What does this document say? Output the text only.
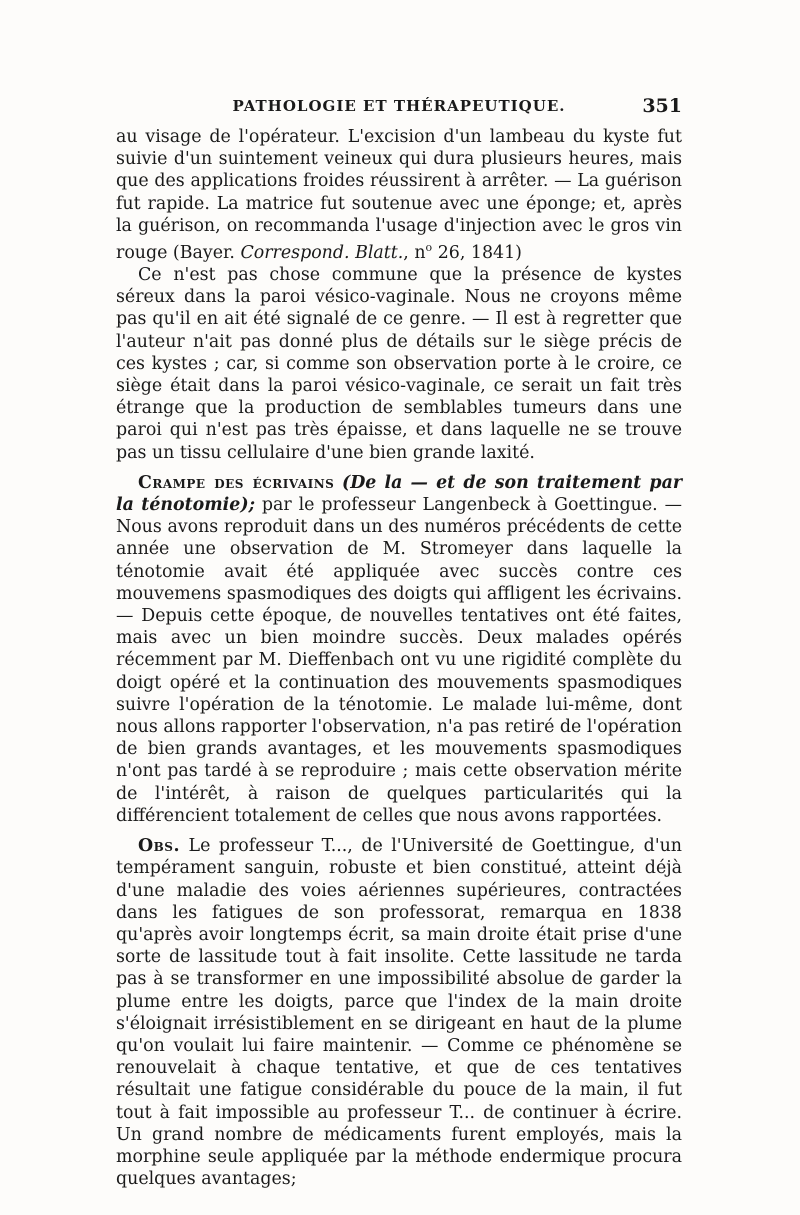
PATHOLOGIE ET THÉRAPEUTIQUE.	351

au visage de l'opérateur. L'excision d'un lambeau du kyste fut suivie d'un suintement veineux qui dura plusieurs heures, mais que des applications froides réussirent à arrêter. — La guérison fut rapide. La matrice fut soutenue avec une éponge; et, après la guérison, on recommanda l'usage d'injection avec le gros vin rouge (Bayer. Correspond. Blatt., $n^o$ 26, 1841)

Ce n'est pas chose commune que la présence de kystes séreux dans la paroi vésico-vaginale. Nous ne croyons même pas qu'il en ait été signalé de ce genre. — Il est à regretter que l'auteur n'ait pas donné plus de détails sur le siège précis de ces kystes ; car, si comme son observation porte à le croire, ce siège était dans la paroi vésico-vaginale, ce serait un fait très étrange que la production de semblables tumeurs dans une paroi qui n'est pas très épaisse, et dans laquelle ne se trouve pas un tissu cellulaire d'une bien grande laxité.

Crampe des écrivains (De la — et de son traitement par la ténotomie); par le professeur Langenbeck à Goettingue. — Nous avons reproduit dans un des numéros précédents de cette année une observation de M. Stromeyer dans laquelle la ténotomie avait été appliquée avec succès contre ces mouvemens spasmodiques des doigts qui affligent les écrivains. — Depuis cette époque, de nouvelles tentatives ont été faites, mais avec un bien moindre succès. Deux malades opérés récemment par M. Dieffenbach ont vu une rigidité complète du doigt opéré et la continuation des mouvements spasmodiques suivre l'opération de la ténotomie. Le malade lui-même, dont nous allons rapporter l'observation, n'a pas retiré de l'opération de bien grands avantages, et les mouvements spasmodiques n'ont pas tardé à se reproduire ; mais cette observation mérite de l'intérêt, à raison de quelques particularités qui la différencient totalement de celles que nous avons rapportées.

Obs. Le professeur T..., de l'Université de Goettingue, d'un tempérament sanguin, robuste et bien constitué, atteint déjà d'une maladie des voies aériennes supérieures, contractées dans les fatigues de son professorat, remarqua en 1838 qu'après avoir longtemps écrit, sa main droite était prise d'une sorte de lassitude tout à fait insolite. Cette lassitude ne tarda pas à se transformer en une impossibilité absolue de garder la plume entre les doigts, parce que l'index de la main droite s'éloignait irrésistiblement en se dirigeant en haut de la plume qu'on voulait lui faire maintenir. — Comme ce phénomène se renouvelait à chaque tentative, et que de ces tentatives résultait une fatigue considérable du pouce de la main, il fut tout à fait impossible au professeur T... de continuer à écrire. Un grand nombre de médicaments furent employés, mais la morphine seule appliquée par la méthode endermique procura quelques avantages;
